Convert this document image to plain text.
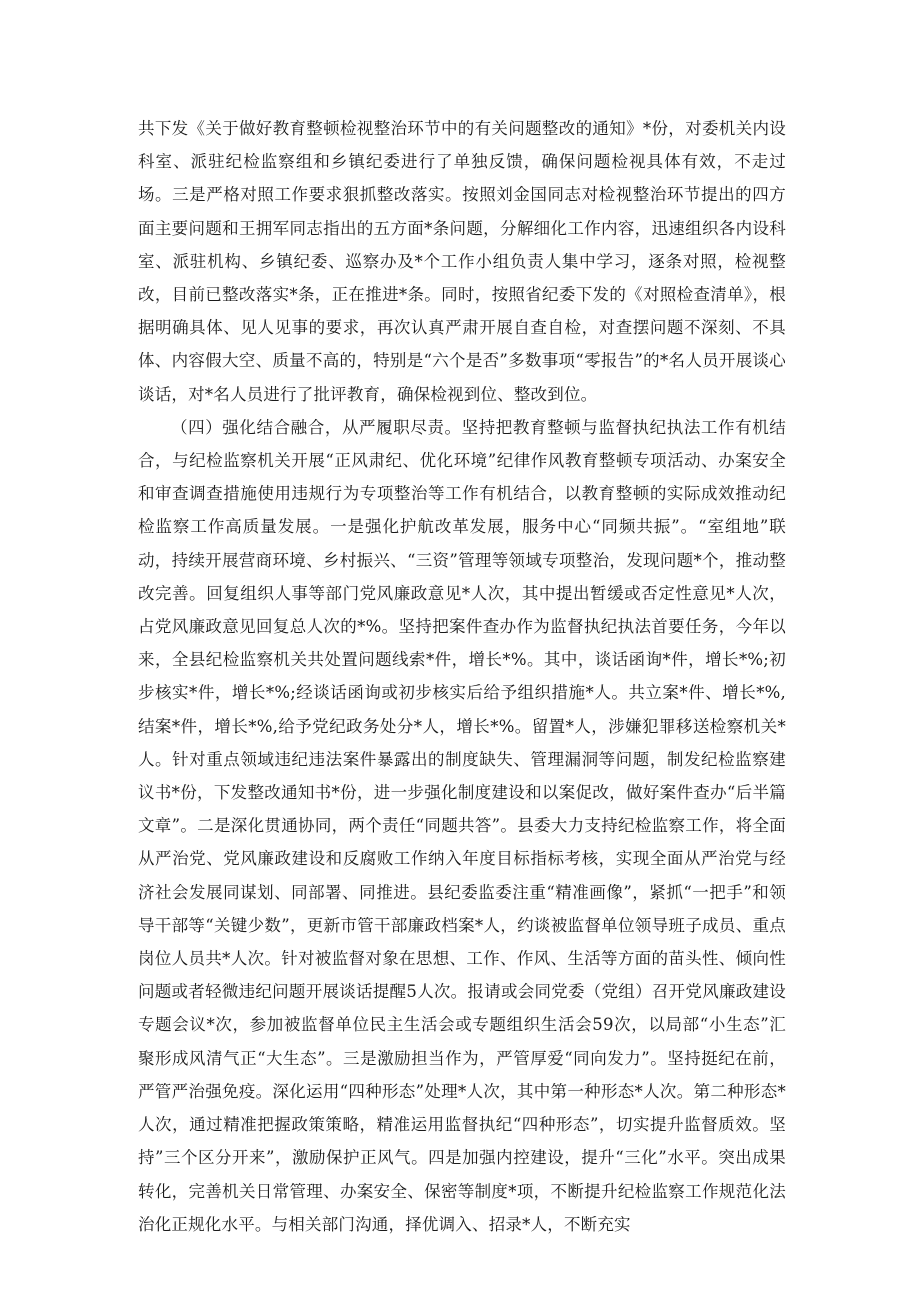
共下发《关于做好教育整顿检视整治环节中的有关问题整改的通知》*份，对委机关内设科室、派驻纪检监察组和乡镇纪委进行了单独反馈，确保问题检视具体有效，不走过场。三是严格对照工作要求狠抓整改落实。按照刘金国同志对检视整治环节提出的四方面主要问题和王拥军同志指出的五方面*条问题，分解细化工作内容，迅速组织各内设科室、派驻机构、乡镇纪委、巡察办及*个工作小组负责人集中学习，逐条对照，检视整改，目前已整改落实*条，正在推进*条。同时，按照省纪委下发的《对照检查清单》，根据明确具体、见人见事的要求，再次认真严肃开展自查自检，对查摆问题不深刻、不具体、内容假大空、质量不高的，特别是“六个是否”多数事项“零报告”的*名人员开展谈心谈话，对*名人员进行了批评教育，确保检视到位、整改到位。

（四）强化结合融合，从严履职尽责。坚持把教育整顿与监督执纪执法工作有机结合，与纪检监察机关开展“正风肃纪、优化环境”纪律作风教育整顿专项活动、办案安全和审查调查措施使用违规行为专项整治等工作有机结合，以教育整顿的实际成效推动纪检监察工作高质量发展。一是强化护航改革发展，服务中心“同频共振”。“室组地”联动，持续开展营商环境、乡村振兴、“三资”管理等领域专项整治，发现问题*个，推动整改完善。回复组织人事等部门党风廉政意见*人次，其中提出暂缓或否定性意见*人次，占党风廉政意见回复总人次的*%。坚持把案件查办作为监督执纪执法首要任务，今年以来，全县纪检监察机关共处置问题线索*件，增长*%。其中，谈话函询*件，增长*%;初步核实*件，增长*%;经谈话函询或初步核实后给予组织措施*人。共立案*件、增长*%,结案*件，增长*%,给予党纪政务处分*人，增长*%。留置*人，涉嫌犯罪移送检察机关*人。针对重点领域违纪违法案件暴露出的制度缺失、管理漏洞等问题，制发纪检监察建议书*份，下发整改通知书*份，进一步强化制度建设和以案促改，做好案件查办“后半篇文章”。二是深化贯通协同，两个责任“同题共答”。县委大力支持纪检监察工作，将全面从严治党、党风廉政建设和反腐败工作纳入年度目标指标考核，实现全面从严治党与经济社会发展同谋划、同部署、同推进。县纪委监委注重“精准画像”，紧抓“一把手”和领导干部等“关键少数”，更新市管干部廉政档案*人，约谈被监督单位领导班子成员、重点岗位人员共*人次。针对被监督对象在思想、工作、作风、生活等方面的苗头性、倾向性问题或者轻微违纪问题开展谈话提醒5人次。报请或会同党委（党组）召开党风廉政建设专题会议*次，参加被监督单位民主生活会或专题组织生活会59次，以局部“小生态”汇聚形成风清气正“大生态”。三是激励担当作为，严管厚爱“同向发力”。坚持挺纪在前，严管严治强免疫。深化运用“四种形态”处理*人次，其中第一种形态*人次。第二种形态*人次，通过精准把握政策策略，精准运用监督执纪“四种形态”，切实提升监督质效。坚持”三个区分开来”，激励保护正风气。四是加强内控建设，提升“三化”水平。突出成果转化，完善机关日常管理、办案安全、保密等制度*项，不断提升纪检监察工作规范化法治化正规化水平。与相关部门沟通，择优调入、招录*人，不断充实
